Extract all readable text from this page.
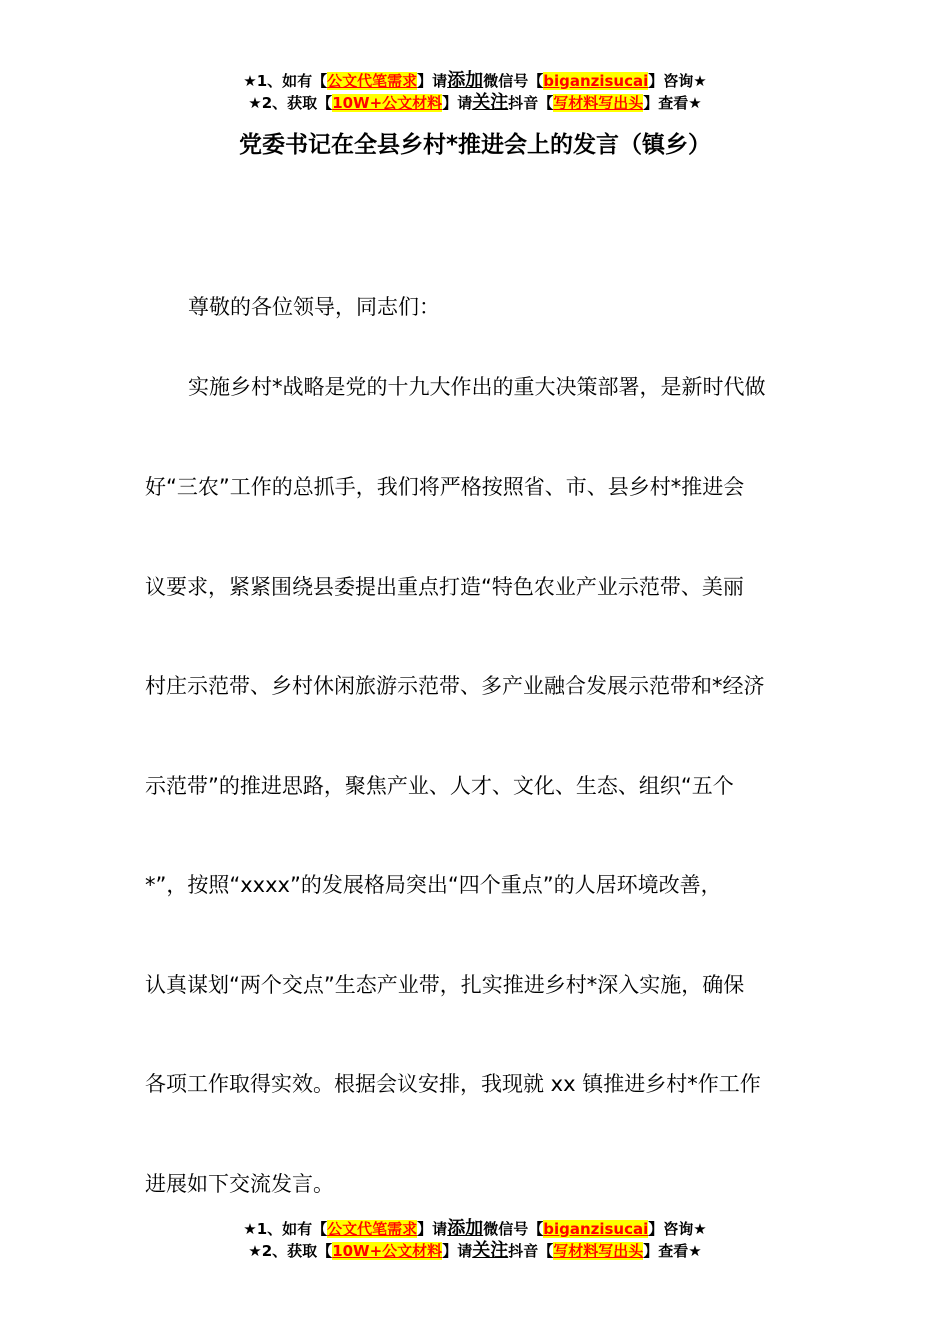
★1、如有【公文代笔需求】请添加微信号【biganzisucai】咨询★
★2、获取【10W+公文材料】请关注抖音【写材料写出头】查看★
党委书记在全县乡村*推进会上的发言（镇乡）
尊敬的各位领导，同志们：
实施乡村*战略是党的十九大作出的重大决策部署，是新时代做
好“三农”工作的总抓手，我们将严格按照省、市、县乡村*推进会
议要求，紧紧围绕县委提出重点打造“特色农业产业示范带、美丽
村庄示范带、乡村休闲旅游示范带、多产业融合发展示范带和*经济
示范带”的推进思路，聚焦产业、人才、文化、生态、组织“五个
*”，按照“xxxx”的发展格局突出“四个重点”的人居环境改善，
认真谋划“两个交点”生态产业带，扎实推进乡村*深入实施，确保
各项工作取得实效。根据会议安排，我现就 xx 镇推进乡村*作工作
进展如下交流发言。
★1、如有【公文代笔需求】请添加微信号【biganzisucai】咨询★
★2、获取【10W+公文材料】请关注抖音【写材料写出头】查看★
